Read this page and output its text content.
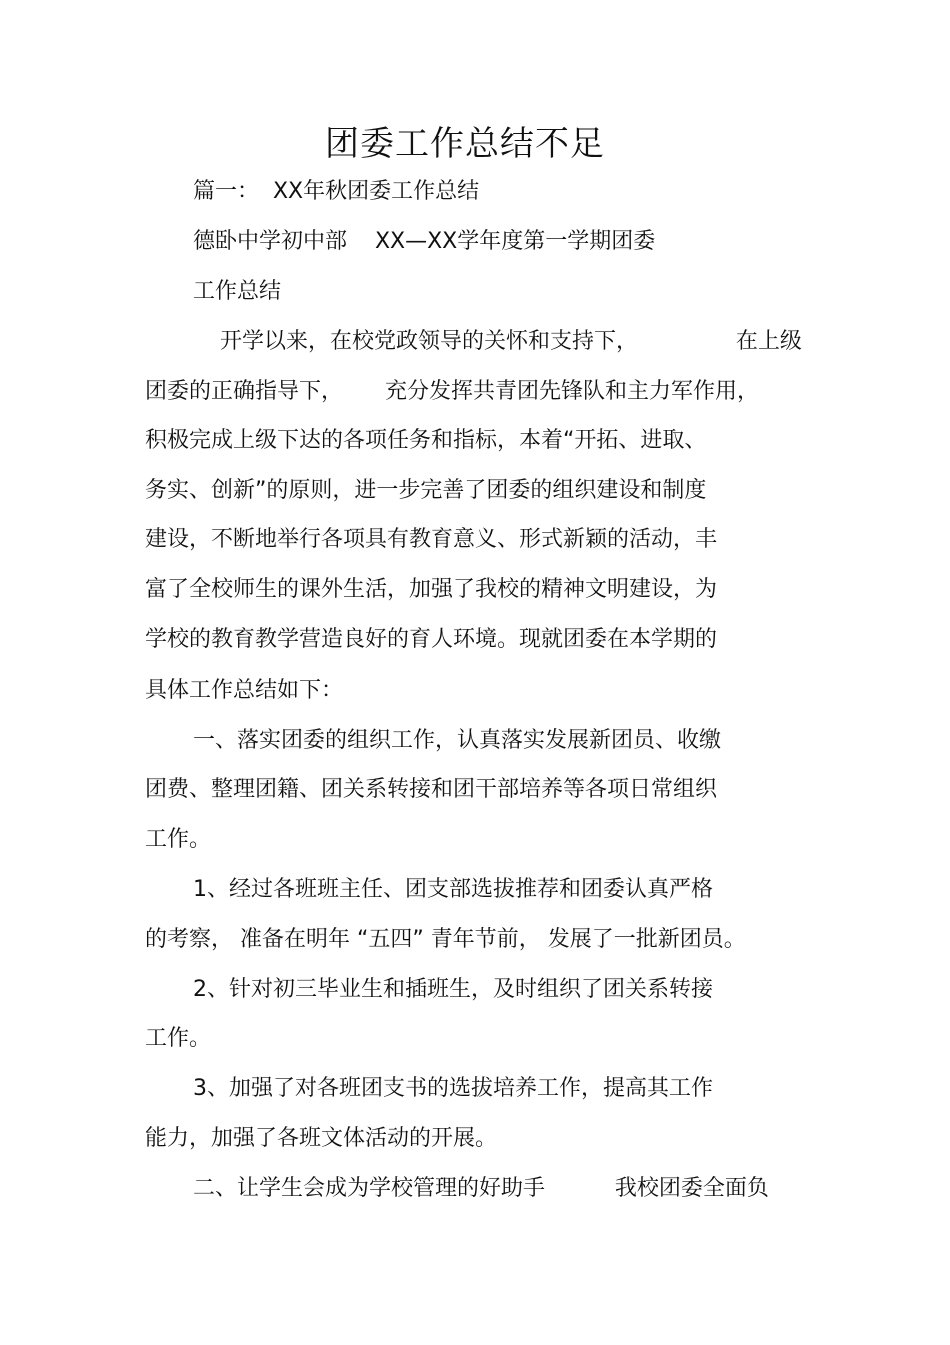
团委工作总结不足
篇一：  XX年秋团委工作总结
德卧中学初中部    XX—XX学年度第一学期团委
工作总结
开学以来，在校党政领导的关怀和支持下，              在上级
团委的正确指导下，      充分发挥共青团先锋队和主力军作用，
积极完成上级下达的各项任务和指标，本着“开拓、进取、
务实、创新”的原则，进一步完善了团委的组织建设和制度
建设，不断地举行各项具有教育意义、形式新颖的活动，丰
富了全校师生的课外生活，加强了我校的精神文明建设，为
学校的教育教学营造良好的育人环境。现就团委在本学期的
具体工作总结如下：
一、落实团委的组织工作，认真落实发展新团员、收缴
团费、整理团籍、团关系转接和团干部培养等各项日常组织
工作。
1、经过各班班主任、团支部选拔推荐和团委认真严格
的考察， 准备在明年 “五四” 青年节前， 发展了一批新团员。
2、针对初三毕业生和插班生，及时组织了团关系转接
工作。
3、加强了对各班团支书的选拔培养工作，提高其工作
能力，加强了各班文体活动的开展。
二、让学生会成为学校管理的好助手          我校团委全面负
